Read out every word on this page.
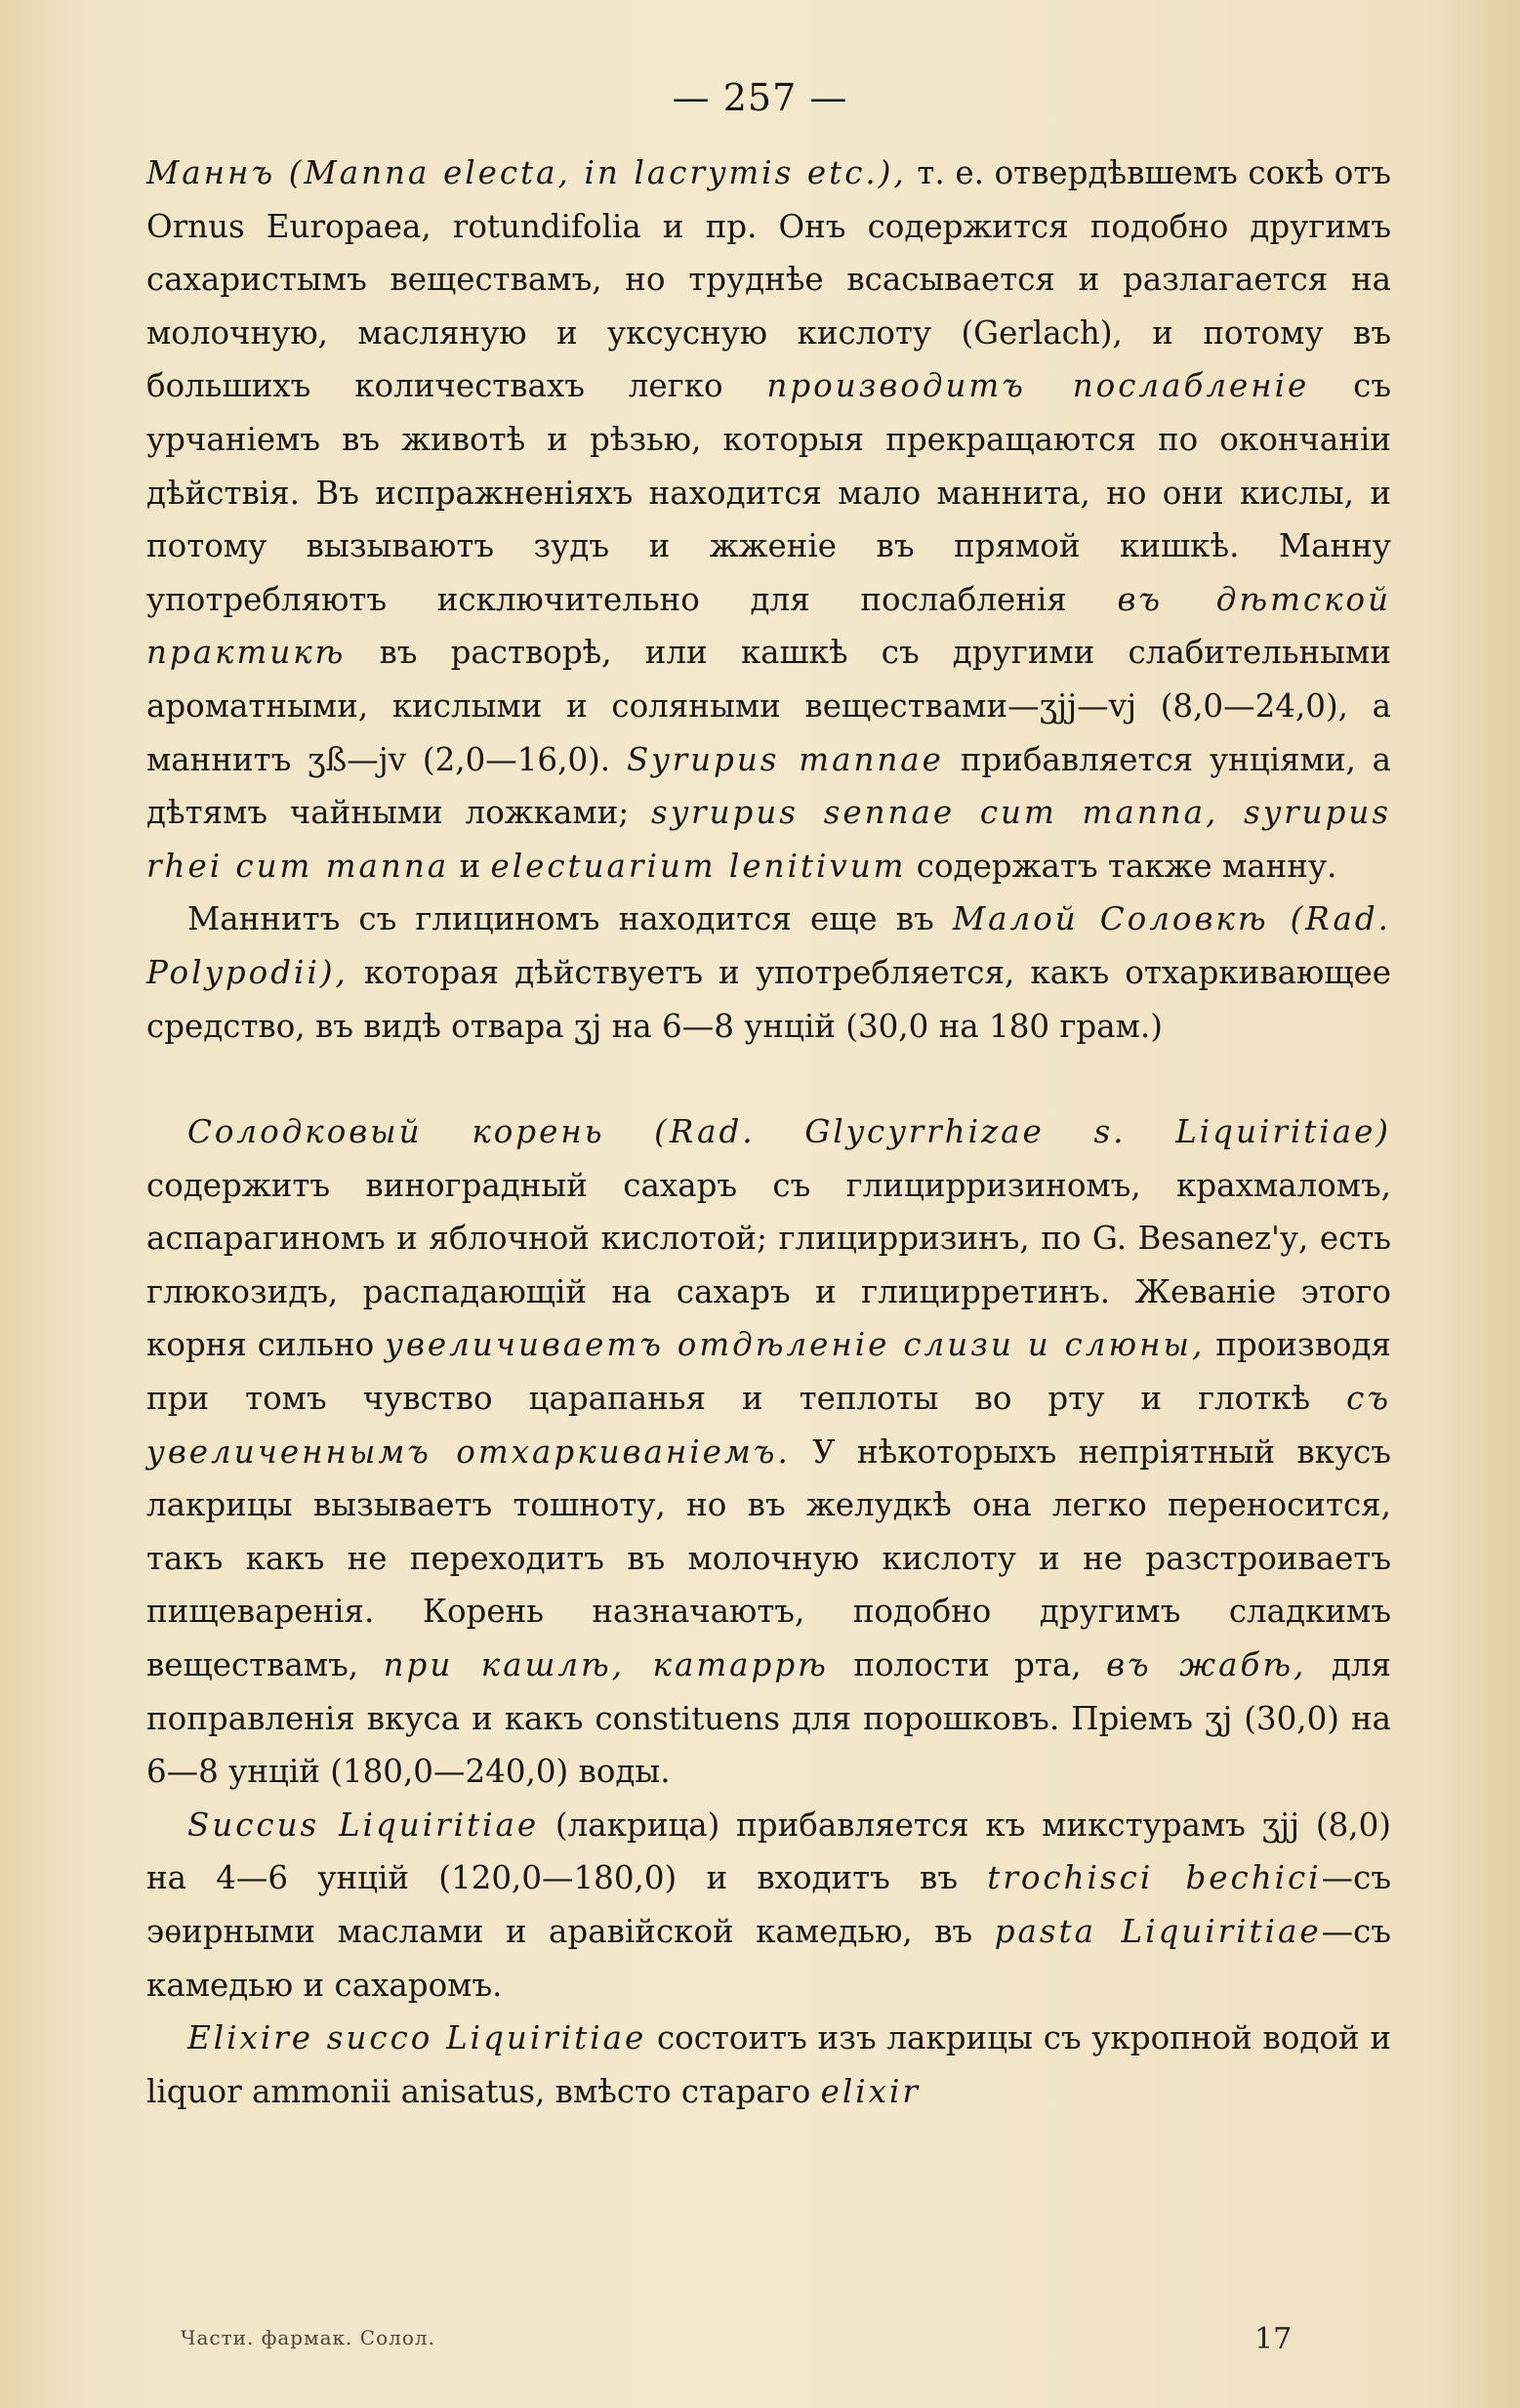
— 257 —

Маннъ (Manna electa, in lacrymis etc.), т. е. отвердѣвшемъ сокѣ отъ Ornus Europaea, rotundifolia и пр. Онъ содержится подобно другимъ сахаристымъ веществамъ, но труднѣе всасывается и разлагается на молочную, масляную и уксусную кислоту (Gerlach), и потому въ большихъ количествахъ легко производитъ послабленіе съ урчаніемъ въ животѣ и рѣзью, которыя прекращаются по окончаніи дѣйствія. Въ испражненіяхъ находится мало маннита, но они кислы, и потому вызываютъ зудъ и жженіе въ прямой кишкѣ. Манну употребляютъ исключительно для послабленія въ дѣтской практикѣ въ растворѣ, или кашкѣ съ другими слабительными ароматными, кислыми и соляными веществами—ʒjj—vj (8,0—24,0), а маннитъ ʒß—jv (2,0—16,0). Syrupus mannae прибавляется унціями, а дѣтямъ чайными ложками; syrupus sennae cum manna, syrupus rhei cum manna и electuarium lenitivum содержатъ также манну.

Маннитъ съ глициномъ находится еще въ Малой Соловкѣ (Rad. Polypodii), которая дѣйствуетъ и употребляется, какъ отхаркивающее средство, въ видѣ отвара ʒj на 6—8 унцій (30,0 на 180 грам.)

Солодковый корень (Rad. Glycyrrhizae s. Liquiritiae) содержитъ виноградный сахаръ съ глицирризиномъ, крахмаломъ, аспарагиномъ и яблочной кислотой; глицирризинъ, по G. Besanez'у, есть глюкозидъ, распадающій на сахаръ и глицирретинъ. Жеваніе этого корня сильно увеличиваетъ отдѣленіе слизи и слюны, производя при томъ чувство царапанья и теплоты во рту и глоткѣ съ увеличеннымъ отхаркиваніемъ. У нѣкоторыхъ непріятный вкусъ лакрицы вызываетъ тошноту, но въ желудкѣ она легко переносится, такъ какъ не переходитъ въ молочную кислоту и не разстроиваетъ пищеваренія. Корень назначаютъ, подобно другимъ сладкимъ веществамъ, при кашлѣ, катаррѣ полости рта, въ жабѣ, для поправленія вкуса и какъ constituens для порошковъ. Пріемъ ʒj (30,0) на 6—8 унцій (180,0—240,0) воды.

Succus Liquiritiae (лакрица) прибавляется къ микстурамъ ʒjj (8,0) на 4—6 унцій (120,0—180,0) и входитъ въ trochisci bechici—съ эѳирными маслами и аравійской камедью, въ pasta Liquiritiae—съ камедью и сахаромъ.

Elixire succo Liquiritiae состоитъ изъ лакрицы съ укропной водой и liquor ammonii anisatus, вмѣсто стараго elixir

Части. фармак. Солол.	17
